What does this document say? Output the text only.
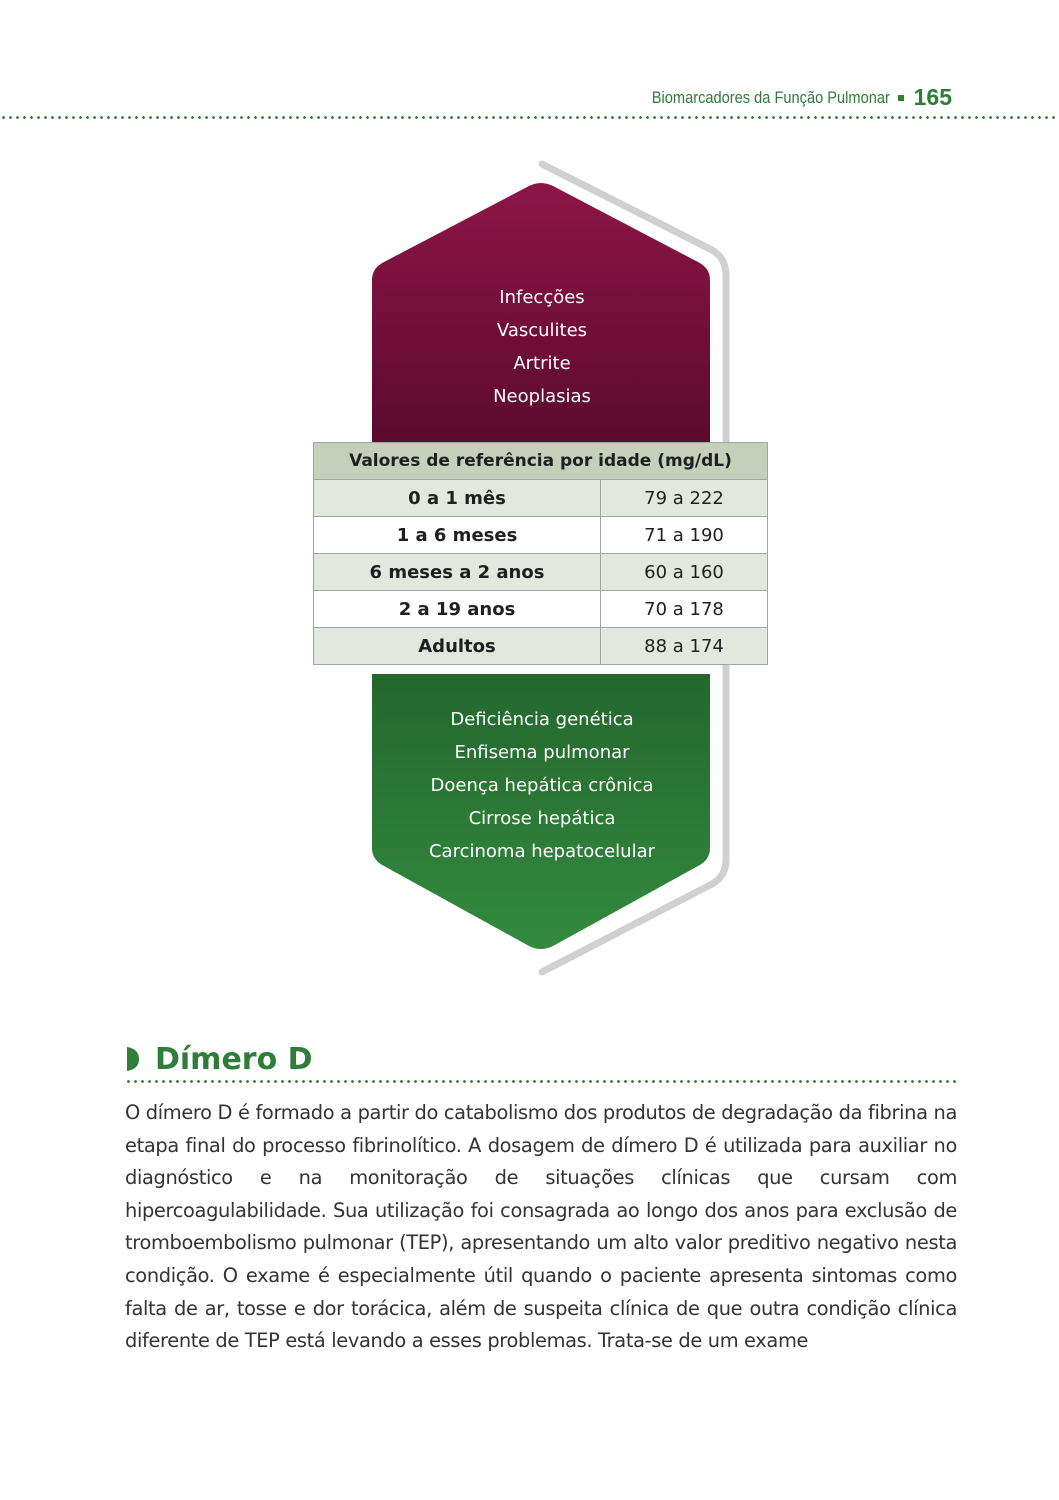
Biomarcadores da Função Pulmonar 165
Infecções
Vasculites
Artrite
Neoplasias
Valores de referência por idade (mg/dL)	
0 a 1 mês	79 a 222
1 a 6 meses	71 a 190
6 meses a 2 anos	60 a 160
2 a 19 anos	70 a 178
Adultos	88 a 174
Deficiência genética
Enfisema pulmonar
Doença hepática crônica
Cirrose hepática
Carcinoma hepatocelular
Dímero D

O dímero D é formado a partir do catabolismo dos produtos de degradação da fibrina na etapa final do processo fibrinolítico. A dosagem de dímero D é utilizada para auxiliar no diagnóstico e na monitoração de situações clínicas que cursam com hipercoagulabilidade. Sua utilização foi consagrada ao longo dos anos para exclusão de tromboembolismo pulmonar (TEP), apresentando um alto valor preditivo negativo nesta condição. O exame é especialmente útil quando o paciente apresenta sintomas como falta de ar, tosse e dor torácica, além de suspeita clínica de que outra condição clínica diferente de TEP está levando a esses problemas. Trata-se de um exame
